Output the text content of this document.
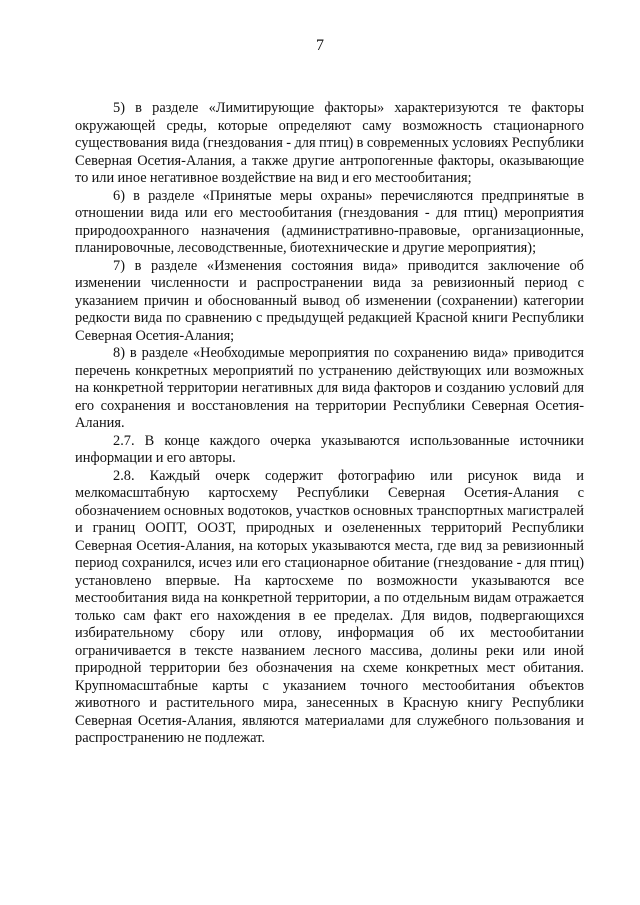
7

5) в разделе «Лимитирующие факторы» характеризуются те факторы окружающей среды, которые определяют саму возможность стационарного существования вида (гнездования - для птиц) в современных условиях Республики Северная Осетия-Алания, а также другие антропогенные факторы, оказывающие то или иное негативное воздействие на вид и его местообитания;

6) в разделе «Принятые меры охраны» перечисляются предпринятые в отношении вида или его местообитания (гнездования - для птиц) мероприятия природоохранного назначения (административно-правовые, организационные, планировочные, лесоводственные, биотехнические и другие мероприятия);

7) в разделе «Изменения состояния вида» приводится заключение об изменении численности и распространении вида за ревизионный период с указанием причин и обоснованный вывод об изменении (сохранении) категории редкости вида по сравнению с предыдущей редакцией Красной книги Республики Северная Осетия-Алания;

8) в разделе «Необходимые мероприятия по сохранению вида» приводится перечень конкретных мероприятий по устранению действующих или возможных на конкретной территории негативных для вида факторов и созданию условий для его сохранения и восстановления на территории Республики Северная Осетия-Алания.

2.7. В конце каждого очерка указываются использованные источники информации и его авторы.

2.8. Каждый очерк содержит фотографию или рисунок вида и мелкомасштабную картосхему Республики Северная Осетия-Алания с обозначением основных водотоков, участков основных транспортных магистралей и границ ООПТ, ООЗТ, природных и озелененных территорий Республики Северная Осетия-Алания, на которых указываются места, где вид за ревизионный период сохранился, исчез или его стационарное обитание (гнездование - для птиц) установлено впервые. На картосхеме по возможности указываются все местообитания вида на конкретной территории, а по отдельным видам отражается только сам факт его нахождения в ее пределах. Для видов, подвергающихся избирательному сбору или отлову, информация об их местообитании ограничивается в тексте названием лесного массива, долины реки или иной природной территории без обозначения на схеме конкретных мест обитания. Крупномасштабные карты с указанием точного местообитания объектов животного и растительного мира, занесенных в Красную книгу Республики Северная Осетия-Алания, являются материалами для служебного пользования и распространению не подлежат.
